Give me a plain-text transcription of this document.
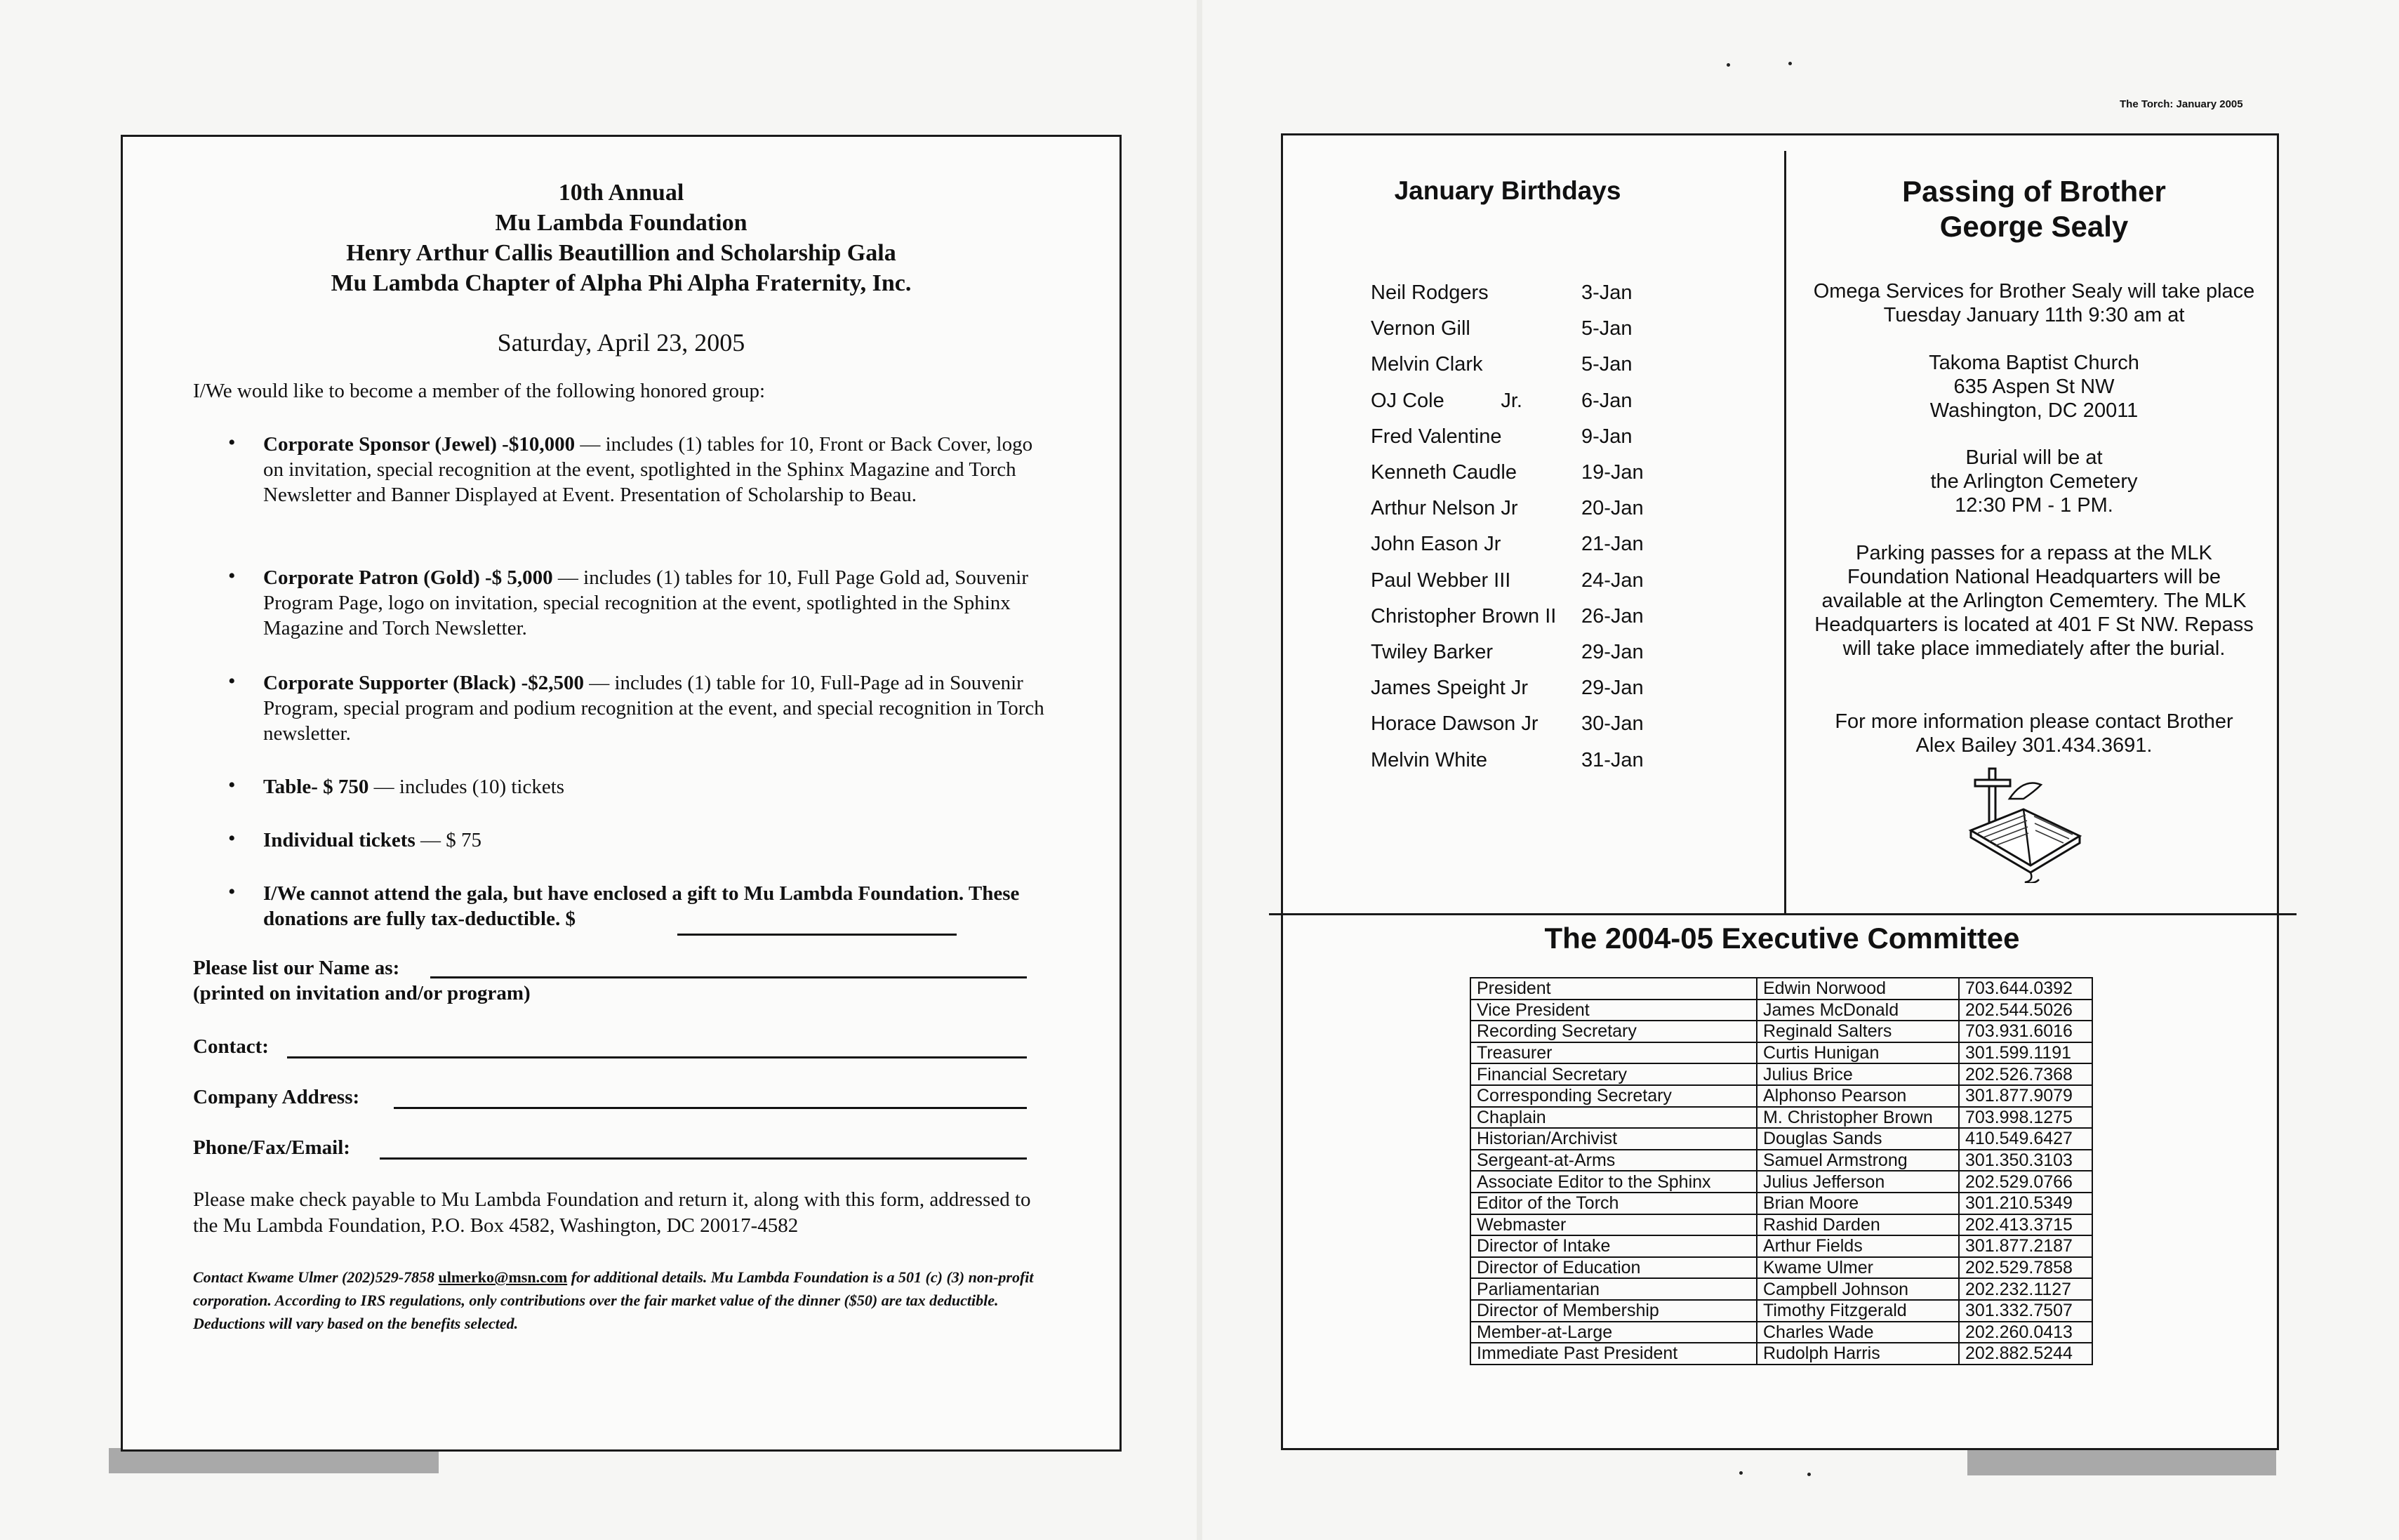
10th Annual
Mu Lambda Foundation
Henry Arthur Callis Beautillion and Scholarship Gala
Mu Lambda Chapter of Alpha Phi Alpha Fraternity, Inc.
Saturday, April 23, 2005
I/We would like to become a member of the following honored group:
• Corporate Sponsor (Jewel) -$10,000 — includes (1) tables for 10, Front or Back Cover, logo on invitation, special recognition at the event, spotlighted in the Sphinx Magazine and Torch Newsletter and Banner Displayed at Event. Presentation of Scholarship to Beau.
• Corporate Patron (Gold) -$ 5,000 — includes (1) tables for 10, Full Page Gold ad, Souvenir Program Page, logo on invitation, special recognition at the event, spotlighted in the Sphinx Magazine and Torch Newsletter.
• Corporate Supporter (Black) -$2,500 — includes (1) table for 10, Full-Page ad in Souvenir Program, special program and podium recognition at the event, and special recognition in Torch newsletter.
• Table- $ 750 — includes (10) tickets
• Individual tickets — $ 75
• I/We cannot attend the gala, but have enclosed a gift to Mu Lambda Foundation. These donations are fully tax-deductible. $
Please list our Name as:
(printed on invitation and/or program)
Contact:
Company Address:
Phone/Fax/Email:
Please make check payable to Mu Lambda Foundation and return it, along with this form, addressed to the Mu Lambda Foundation, P.O. Box 4582, Washington, DC 20017-4582
Contact Kwame Ulmer (202)529-7858 ulmerko@msn.com for additional details. Mu Lambda Foundation is a 501 (c) (3) non-profit corporation. According to IRS regulations, only contributions over the fair market value of the dinner ($50) are tax deductible. Deductions will vary based on the benefits selected.
The Torch: January 2005
January Birthdays
Neil Rodgers	3-Jan
Vernon Gill	5-Jan
Melvin Clark	5-Jan
OJ Cole          Jr.	6-Jan
Fred Valentine	9-Jan
Kenneth Caudle	19-Jan
Arthur Nelson Jr	20-Jan
John Eason Jr	21-Jan
Paul Webber III	24-Jan
Christopher Brown II 26-Jan
Twiley Barker	29-Jan
James Speight Jr	29-Jan
Horace Dawson Jr 30-Jan
Melvin White	31-Jan
Passing of Brother
George Sealy
Omega Services for Brother Sealy will take place Tuesday January 11th 9:30 am at
Takoma Baptist Church
635 Aspen St NW
Washington, DC 20011
Burial will be at
the Arlington Cemetery
12:30 PM - 1 PM.
Parking passes for a repass at the MLK Foundation National Headquarters will be available at the Arlington Cememtery. The MLK Headquarters is located at 401 F St NW. Repass will take place immediately after the burial.
For more information please contact Brother Alex Bailey 301.434.3691.
The 2004-05 Executive Committee
President	Edwin Norwood	703.644.0392
Vice President	James McDonald	202.544.5026
Recording Secretary	Reginald Salters	703.931.6016
Treasurer	Curtis Hunigan	301.599.1191
Financial Secretary	Julius Brice	202.526.7368
Corresponding Secretary	Alphonso Pearson	301.877.9079
Chaplain	M. Christopher Brown	703.998.1275
Historian/Archivist	Douglas Sands	410.549.6427
Sergeant-at-Arms	Samuel Armstrong	301.350.3103
Associate Editor to the Sphinx	Julius Jefferson	202.529.0766
Editor of the Torch	Brian Moore	301.210.5349
Webmaster	Rashid Darden	202.413.3715
Director of Intake	Arthur Fields	301.877.2187
Director of Education	Kwame Ulmer	202.529.7858
Parliamentarian	Campbell Johnson	202.232.1127
Director of Membership	Timothy Fitzgerald	301.332.7507
Member-at-Large	Charles Wade	202.260.0413
Immediate Past President	Rudolph Harris	202.882.5244
